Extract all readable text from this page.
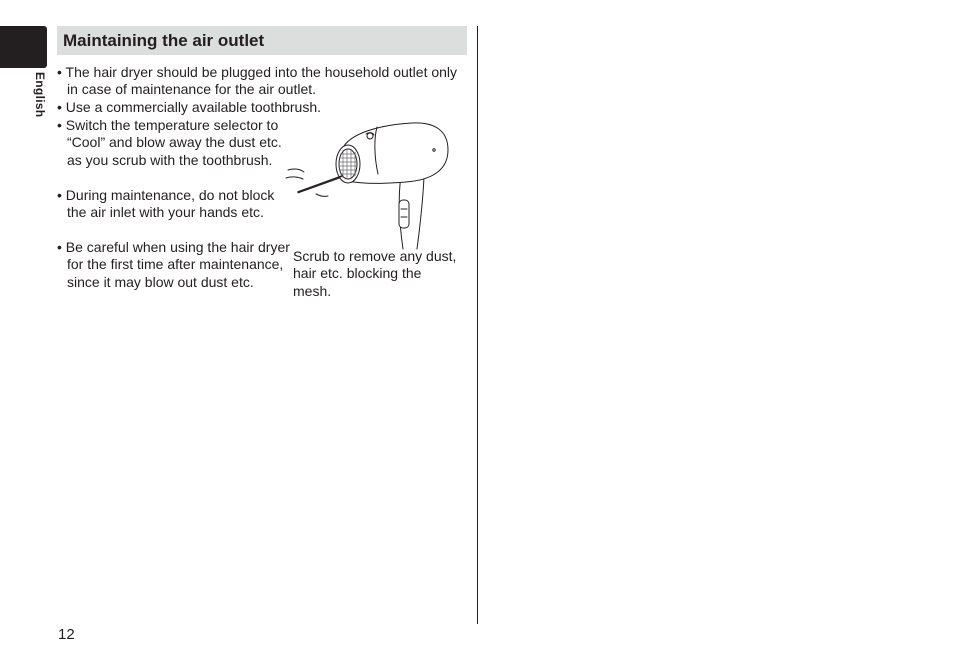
English
Maintaining the air outlet

• The hair dryer should be plugged into the household outlet only in case of maintenance for the air outlet.

• Use a commercially available toothbrush.

• Switch the temperature selector to “Cool” and blow away the dust etc. as you scrub with the toothbrush.

• During maintenance, do not block the air inlet with your hands etc.

• Be careful when using the hair dryer for the first time after maintenance, since it may blow out dust etc.

Scrub to remove any dust, hair etc. blocking the mesh.

12
